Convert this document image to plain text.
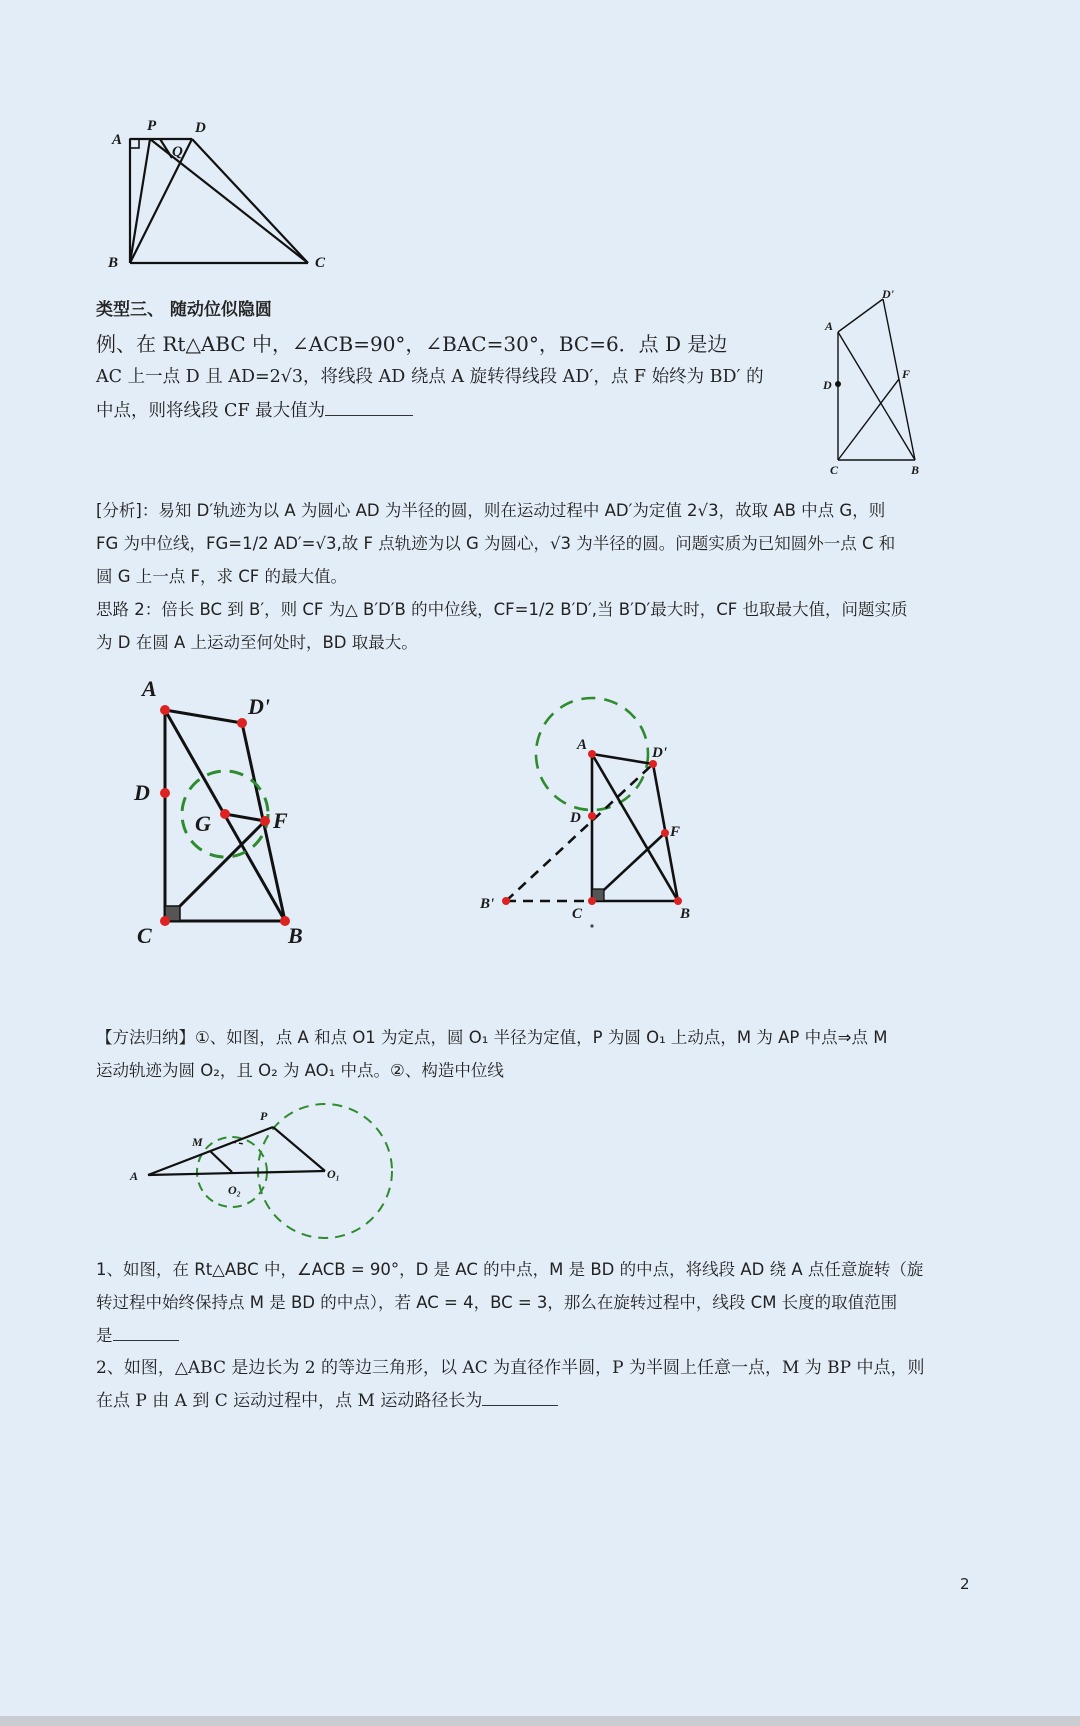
A
P	D
Q
B	C
类型三、 随动位似隐圆
例、在 Rt△ABC 中，∠ACB=90°，∠BAC=30°，BC=6．点 D 是边
AC 上一点 D 且 AD=2√3，将线段 AD 绕点 A 旋转得线段 AD′，点 F 始终为 BD′ 的
中点，则将线段 CF 最大值为
A
D'
D
F
C	B
[分析]：易知 D′轨迹为以 A 为圆心 AD 为半径的圆，则在运动过程中 AD′为定值 2√3，故取 AB 中点 G，则
FG 为中位线，FG=1/2 AD′=√3,故 F 点轨迹为以 G 为圆心，√3 为半径的圆。问题实质为已知圆外一点 C 和
圆 G 上一点 F，求 CF 的最大值。
思路 2：倍长 BC 到 B′，则 CF 为△ B′D′B 的中位线，CF=1/2 B′D′,当 B′D′最大时，CF 也取最大值，问题实质
为 D 在圆 A 上运动至何处时，BD 取最大。
A
D'
D
G	F
C	B
A	D'
D
F
B'
C	B
【方法归纳】①、如图，点 A 和点 O1 为定点，圆 O₁ 半径为定值，P 为圆 O₁ 上动点，M 为 AP 中点⇒点 M
运动轨迹为圆 O₂，且 O₂ 为 AO₁ 中点。②、构造中位线
A
M
P
O₂
O₁
1、如图，在 Rt△ABC 中，∠ACB = 90°，D 是 AC 的中点，M 是 BD 的中点，将线段 AD 绕 A 点任意旋转（旋
转过程中始终保持点 M 是 BD 的中点），若 AC = 4，BC = 3，那么在旋转过程中，线段 CM 长度的取值范围
是
2、如图，△ABC 是边长为 2 的等边三角形，以 AC 为直径作半圆，P 为半圆上任意一点，M 为 BP 中点，则
在点 P 由 A 到 C 运动过程中，点 M 运动路径长为
2
